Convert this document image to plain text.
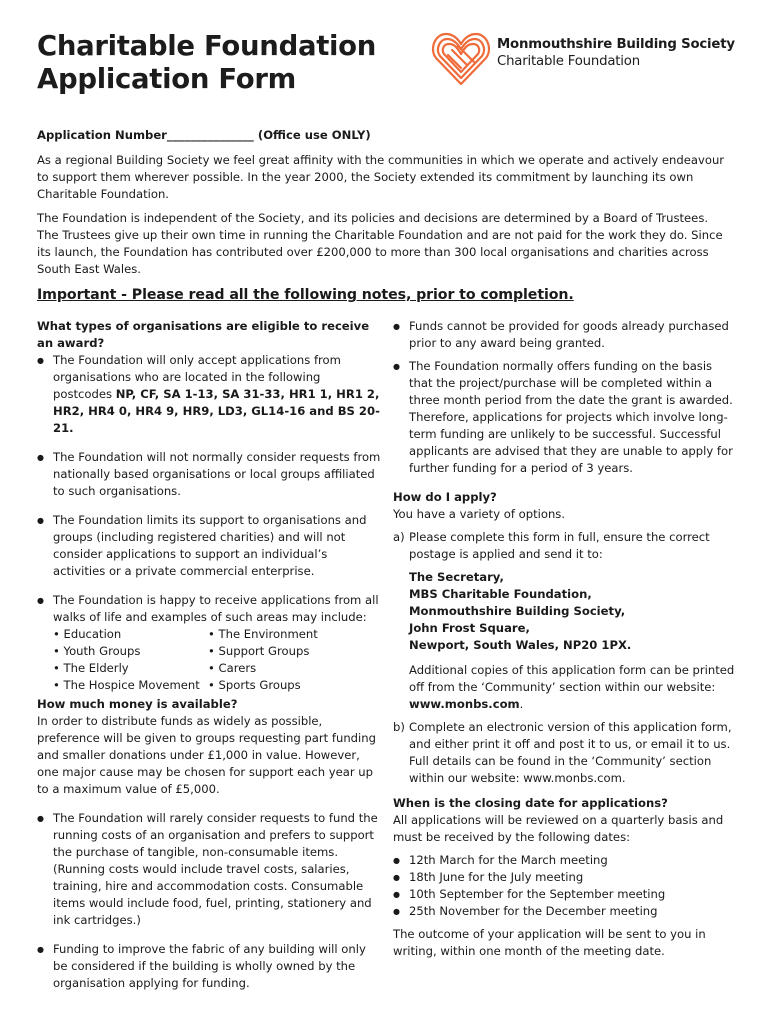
Charitable Foundation
Application Form
Monmouthshire Building Society
Charitable Foundation
Application Number_______________ (Office use ONLY)

As a regional Building Society we feel great affinity with the communities in which we operate and actively endeavour to support them wherever possible. In the year 2000, the Society extended its commitment by launching its own Charitable Foundation.

The Foundation is independent of the Society, and its policies and decisions are determined by a Board of Trustees. The Trustees give up their own time in running the Charitable Foundation and are not paid for the work they do. Since its launch, the Foundation has contributed over £200,000 to more than 300 local organisations and charities across South East Wales.

Important - Please read all the following notes, prior to completion.
What types of organisations are eligible to receive an award?
● The Foundation will only accept applications from organisations who are located in the following postcodes NP, CF, SA 1-13, SA 31-33, HR1 1, HR1 2, HR2, HR4 0, HR4 9, HR9, LD3, GL14-16 and BS 20-21.
● The Foundation will not normally consider requests from nationally based organisations or local groups affiliated to such organisations.
● The Foundation limits its support to organisations and groups (including registered charities) and will not consider applications to support an individual’s activities or a private commercial enterprise.
● The Foundation is happy to receive applications from all walks of life and examples of such areas may include:
• Education	• The Environment
• Youth Groups	• Support Groups
• The Elderly	• Carers
• The Hospice Movement • Sports Groups
How much money is available?

In order to distribute funds as widely as possible, preference will be given to groups requesting part funding and smaller donations under £1,000 in value. However, one major cause may be chosen for support each year up to a maximum value of £5,000.

● The Foundation will rarely consider requests to fund the running costs of an organisation and prefers to support the purchase of tangible, non-consumable items. (Running costs would include travel costs, salaries, training, hire and accommodation costs. Consumable items would include food, fuel, printing, stationery and ink cartridges.)
● Funding to improve the fabric of any building will only be considered if the building is wholly owned by the organisation applying for funding.
● Funds cannot be provided for goods already purchased prior to any award being granted.
● The Foundation normally offers funding on the basis that the project/purchase will be completed within a three month period from the date the grant is awarded. Therefore, applications for projects which involve long-term funding are unlikely to be successful. Successful applicants are advised that they are unable to apply for further funding for a period of 3 years.
How do I apply?

You have a variety of options.

a) Please complete this form in full, ensure the correct postage is applied and send it to:
The Secretary,
MBS Charitable Foundation,
Monmouthshire Building Society,
John Frost Square,
Newport, South Wales, NP20 1PX.

Additional copies of this application form can be printed off from the ‘Community’ section within our website: www.monbs.com.

b) Complete an electronic version of this application form, and either print it off and post it to us, or email it to us. Full details can be found in the ‘Community’ section within our website: www.monbs.com.
When is the closing date for applications?

All applications will be reviewed on a quarterly basis and must be received by the following dates:

● 12th March for the March meeting
● 18th June for the July meeting
● 10th September for the September meeting
● 25th November for the December meeting

The outcome of your application will be sent to you in writing, within one month of the meeting date.
